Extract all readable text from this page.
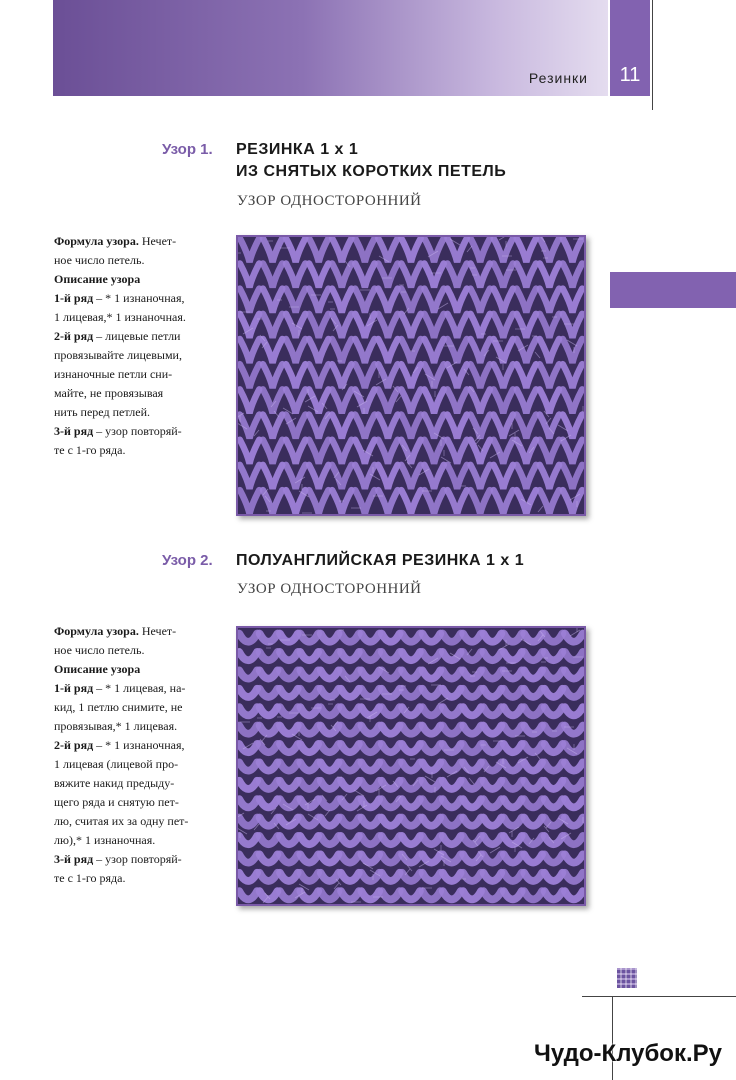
Резинки	11
Узор 1. РЕЗИНКА 1 х 1
ИЗ СНЯТЫХ КОРОТКИХ ПЕТЕЛЬ
УЗОР ОДНОСТОРОННИЙ
Формула узора. Нечет-
ное число петель.
Описание узора
1-й ряд – * 1 изнаночная,
1 лицевая,* 1 изнаночная.
2-й ряд – лицевые петли
провязывайте лицевыми,
изнаночные петли сни-
майте, не провязывая
нить перед петлей.
3-й ряд – узор повторяй-
те с 1-го ряда.
Узор 2. ПОЛУАНГЛИЙСКАЯ РЕЗИНКА 1 х 1
УЗОР ОДНОСТОРОННИЙ
Формула узора. Нечет-
ное число петель.
Описание узора
1-й ряд – * 1 лицевая, на-
кид, 1 петлю снимите, не
провязывая,* 1 лицевая.
2-й ряд – * 1 изнаночная,
1 лицевая (лицевой про-
вяжите накид предыду-
щего ряда и снятую пет-
лю, считая их за одну пет-
лю),* 1 изнаночная.
3-й ряд – узор повторяй-
те с 1-го ряда.
Чудо-Клубок.Ру
